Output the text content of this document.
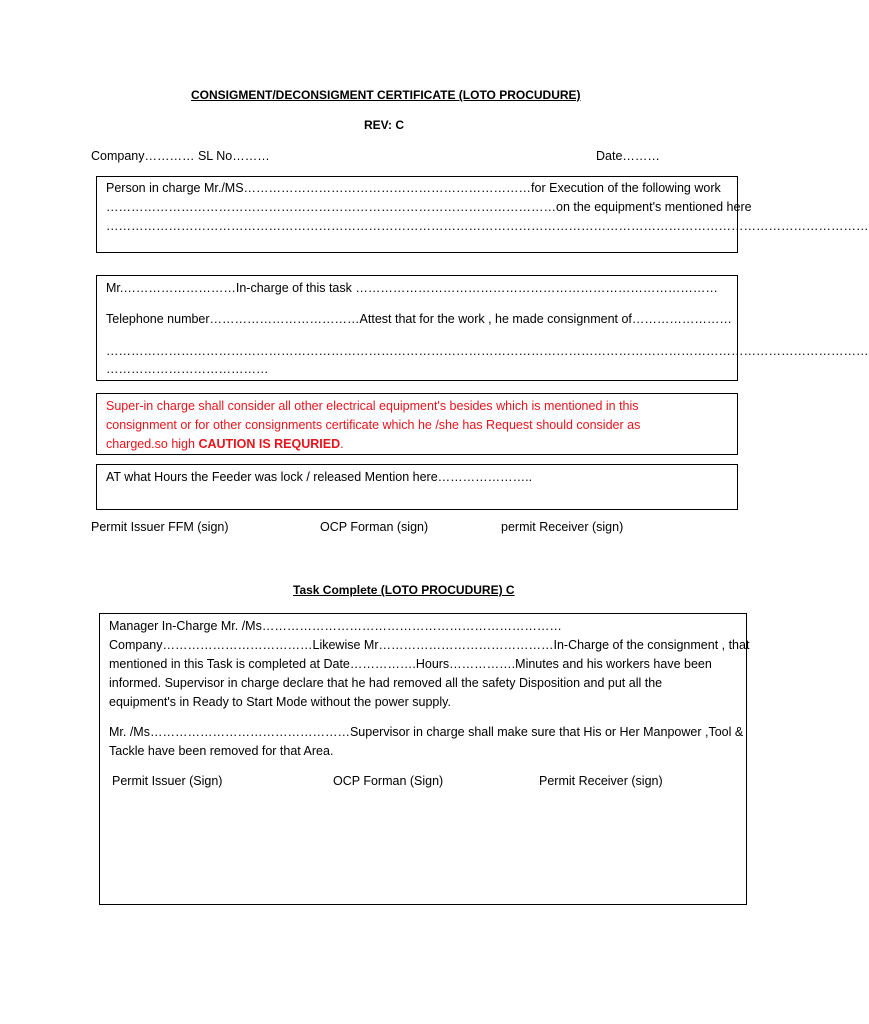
CONSIGMENT/DECONSIGMENT CERTIFICATE (LOTO PROCUDURE)
REV: C
Company………… SL No………	Date………
Person in charge Mr./MS……………………………………………………………for Execution of the following work
………………………………………………………………………………………………on the equipment's mentioned here
…………………………………………………………………………………………………………………………………………………………………
Mr.………………………In-charge of this task ……………………………………………………………………………
Telephone number………………………………Attest that for the work , he made consignment of……………………
…………………………………………………………………………………………………………………………………………………………………
…………………………………
Super-in charge shall consider all other electrical equipment's besides which is mentioned in this
consignment or for other consignments certificate which he /she has Request should consider as
charged.so high CAUTION IS REQURIED.
AT what Hours the Feeder was lock / released Mention here…………………..
Permit Issuer FFM (sign)	OCP Forman (sign)	permit Receiver (sign)
Task Complete (LOTO PROCUDURE) C
Manager In-Charge Mr. /Ms………………………………………………………………
Company………………………………Likewise Mr……………………………………In-Charge of the consignment , that
mentioned in this Task is completed at Date…………….Hours…………….Minutes and his workers have been
informed. Supervisor in charge declare that he had removed all the safety Disposition and put all the
equipment's in Ready to Start Mode without the power supply.
Mr. /Ms…………………………………………Supervisor in charge shall make sure that His or Her Manpower ,Tool &
Tackle have been removed for that Area.
Permit Issuer (Sign)	OCP Forman (Sign)	Permit Receiver (sign)
